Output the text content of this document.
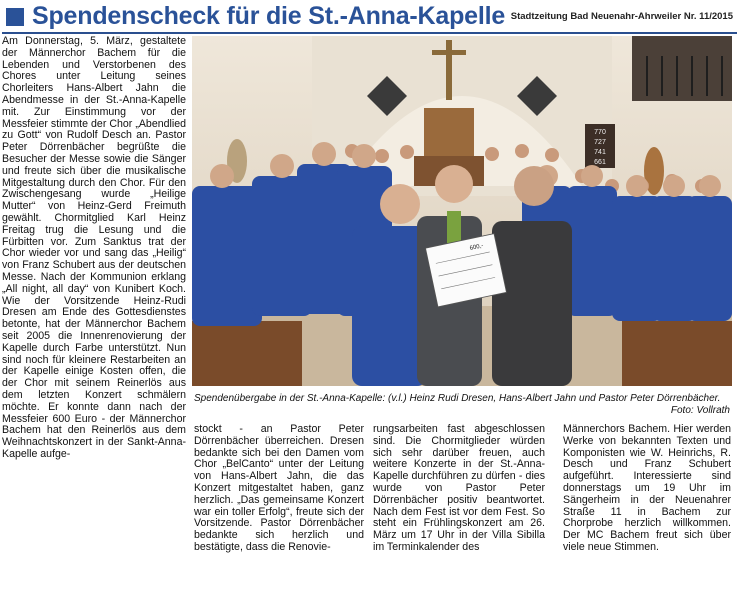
Spendenscheck für die St.-Anna-Kapelle Stadtzeitung Bad Neuenahr-Ahrweiler Nr. 11/2015

Am Donnerstag, 5. März, gestaltete der Männerchor Bachem für die Lebenden und Verstorbenen des Chores unter Leitung seines Chorleiters Hans-Albert Jahn die Abendmesse in der St.-Anna-Kapelle mit. Zur Einstimmung vor der Messfeier stimmte der Chor „Abendlied zu Gott“ von Rudolf Desch an. Pastor Peter Dörrenbächer begrüßte die Besucher der Messe sowie die Sänger und freute sich über die musikalische Mitgestaltung durch den Chor. Für den Zwischengesang wurde „Heilige Mutter“ von Heinz-Gerd Freimuth gewählt. Chormitglied Karl Heinz Freitag trug die Lesung und die Fürbitten vor. Zum Sanktus trat der Chor wieder vor und sang das „Heilig“ von Franz Schubert aus der deutschen Messe. Nach der Kommunion erklang „All night, all day“ von Kunibert Koch. Wie der Vorsitzende Heinz-Rudi Dresen am Ende des Gottesdienstes betonte, hat der Männerchor Bachem seit 2005 die Innenrenovierung der Kapelle durch Farbe unterstützt. Nun sind noch für kleinere Restarbeiten an der Kapelle einige Kosten offen, die der Chor mit seinem Reinerlös aus dem letzten Konzert schmälern möchte. Er konnte dann nach der Messfeier 600 Euro - der Männerchor Bachem hat den Reinerlös aus dem Weihnachtskonzert in der Sankt-Anna-Kapelle aufge-

770
727
741
661
600,-
Spendenübergabe in der St.-Anna-Kapelle: (v.l.) Heinz Rudi Dresen, Hans-Albert Jahn und Pastor Peter Dörrenbächer.
Foto: Vollrath

stockt - an Pastor Peter Dörrenbächer überreichen. Dresen bedankte sich bei den Damen vom Chor „BelCanto“ unter der Leitung von Hans-Albert Jahn, die das Konzert mitgestaltet haben, ganz herzlich. „Das gemeinsame Konzert war ein toller Erfolg“, freute sich der Vorsitzende. Pastor Dörrenbächer bedankte sich herzlich und bestätigte, dass die Renovie-

rungsarbeiten fast abgeschlossen sind. Die Chormitglieder würden sich sehr darüber freuen, auch weitere Konzerte in der St.-Anna-Kapelle durchführen zu dürfen - dies wurde von Pastor Peter Dörrenbächer positiv beantwortet. Nach dem Fest ist vor dem Fest. So steht ein Frühlingskonzert am 26. März um 17 Uhr in der Villa Sibilla im Terminkalender des

Männerchors Bachem. Hier werden Werke von bekannten Texten und Komponisten wie W. Heinrichs, R. Desch und Franz Schubert aufgeführt. Interessierte sind donnerstags um 19 Uhr im Sängerheim in der Neuenahrer Straße 11 in Bachem zur Chorprobe herzlich willkommen. Der MC Bachem freut sich über viele neue Stimmen.
